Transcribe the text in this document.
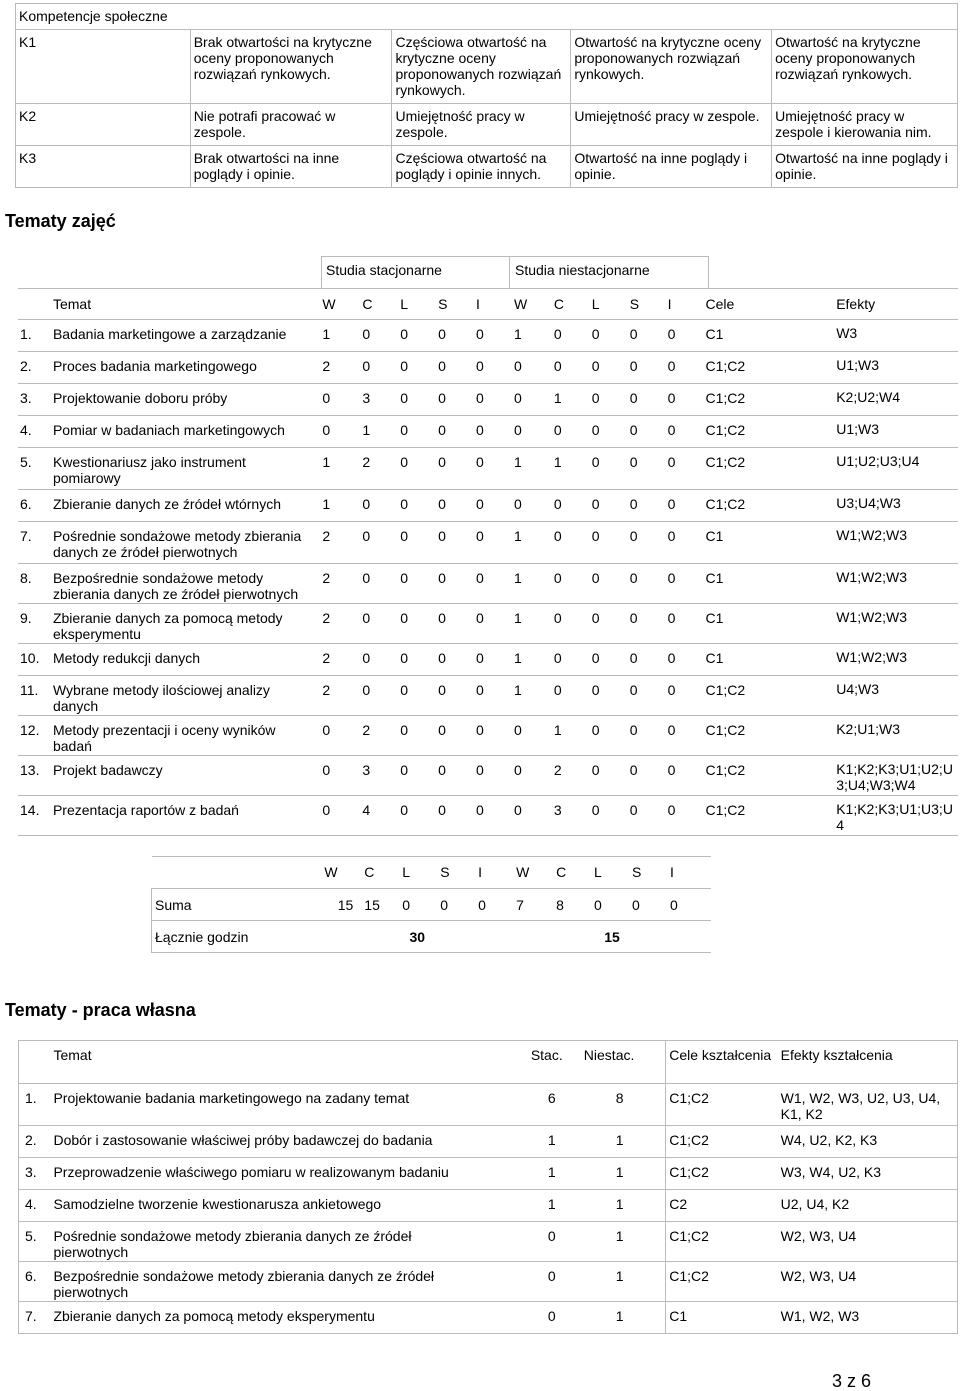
Kompetencje społeczne				
K1	Brak otwartości na krytyczne oceny proponowanych rozwiązań rynkowych.	Częściowa otwartość na krytyczne oceny proponowanych rozwiązań rynkowych.	Otwartość na krytyczne oceny proponowanych rozwiązań rynkowych.	Otwartość na krytyczne oceny proponowanych rozwiązań rynkowych.
K2	Nie potrafi pracować w zespole.	Umiejętność pracy w zespole.	Umiejętność pracy w zespole.	Umiejętność pracy w zespole i kierowania nim.
K3	Brak otwartości na inne poglądy i opinie.	Częściowa otwartość na poglądy i opinie innych.	Otwartość na inne poglądy i opinie.	Otwartość na inne poglądy i opinie.
Tematy zajęć
Studia stacjonarne	Studia niestacjonarne
	Temat	W	C	L	S	I	W	C	L	S	I	Cele	Efekty
1.	Badania marketingowe a zarządzanie	1	0	0	0	0	1	0	0	0	0	C1	W3
2.	Proces badania marketingowego	2	0	0	0	0	0	0	0	0	0	C1;C2	U1;W3
3.	Projektowanie doboru próby	0	3	0	0	0	0	1	0	0	0	C1;C2	K2;U2;W4
4.	Pomiar w badaniach marketingowych	0	1	0	0	0	0	0	0	0	0	C1;C2	U1;W3
5.	Kwestionariusz jako instrument pomiarowy	1	2	0	0	0	1	1	0	0	0	C1;C2	U1;U2;U3;U4
6.	Zbieranie danych ze źródeł wtórnych	1	0	0	0	0	0	0	0	0	0	C1;C2	U3;U4;W3
7.	Pośrednie sondażowe metody zbierania danych ze źródeł pierwotnych	2	0	0	0	0	1	0	0	0	0	C1	W1;W2;W3
8.	Bezpośrednie sondażowe metody zbierania danych ze źródeł pierwotnych	2	0	0	0	0	1	0	0	0	0	C1	W1;W2;W3
9.	Zbieranie danych za pomocą metody eksperymentu	2	0	0	0	0	1	0	0	0	0	C1	W1;W2;W3
10.	Metody redukcji danych	2	0	0	0	0	1	0	0	0	0	C1	W1;W2;W3
11.	Wybrane metody ilościowej analizy danych	2	0	0	0	0	1	0	0	0	0	C1;C2	U4;W3
12.	Metody prezentacji i oceny wyników badań	0	2	0	0	0	0	1	0	0	0	C1;C2	K2;U1;W3
13.	Projekt badawczy	0	3	0	0	0	0	2	0	0	0	C1;C2	K1;K2;K3;U1;U2;U3;U4;W3;W4
14.	Prezentacja raportów z badań	0	4	0	0	0	0	3	0	0	0	C1;C2	K1;K2;K3;U1;U3;U4
	W	C	L	S	I	W	C	L	S	I
Suma	15	15	0	0	0	7	8	0	0	0
Łącznie godzin	30					15				
Tematy - praca własna
	Temat	Stac.	Niestac.	Cele kształcenia	Efekty kształcenia
1.	Projektowanie badania marketingowego na zadany temat	6	8	C1;C2	W1, W2, W3, U2, U3, U4, K1, K2
2.	Dobór i zastosowanie właściwej próby badawczej do badania	1	1	C1;C2	W4, U2, K2, K3
3.	Przeprowadzenie właściwego pomiaru w realizowanym badaniu	1	1	C1;C2	W3, W4, U2, K3
4.	Samodzielne tworzenie kwestionarusza ankietowego	1	1	C2	U2, U4, K2
5.	Pośrednie sondażowe metody zbierania danych ze źródeł pierwotnych	0	1	C1;C2	W2, W3, U4
6.	Bezpośrednie sondażowe metody zbierania danych ze źródeł pierwotnych	0	1	C1;C2	W2, W3, U4
7.	Zbieranie danych za pomocą metody eksperymentu	0	1	C1	W1, W2, W3
3 z 6
